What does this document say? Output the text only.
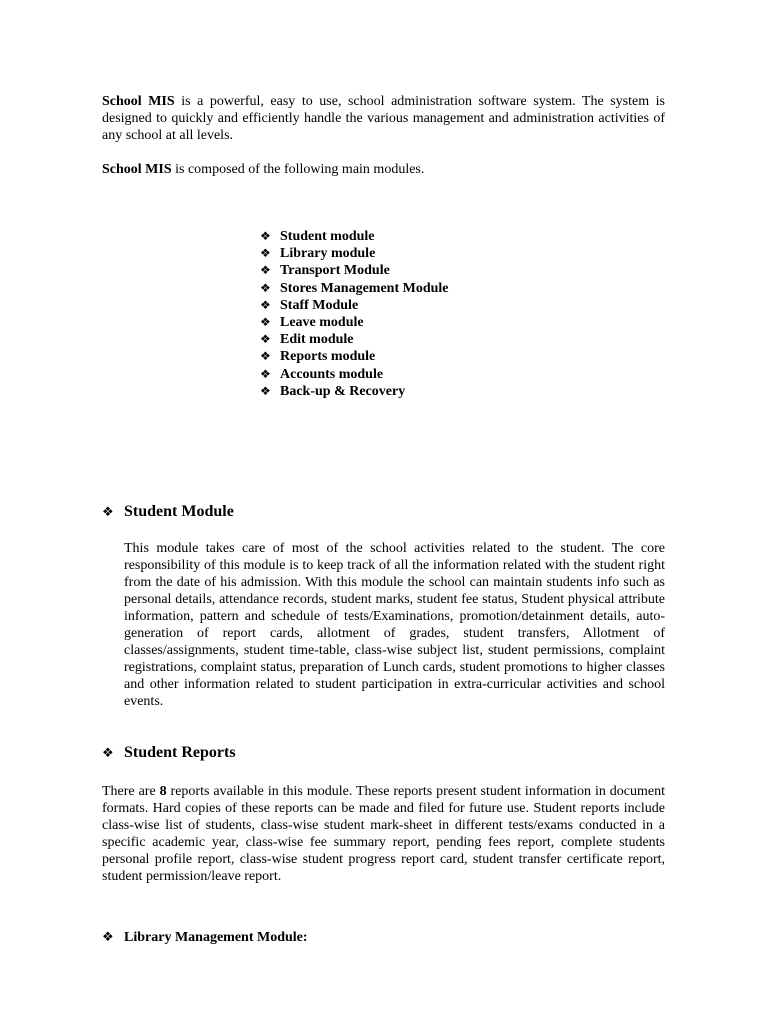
School MIS is a powerful, easy to use, school administration software system. The system is designed to quickly and efficiently handle the various management and administration activities of any school at all levels.

School MIS is composed of the following main modules.

❖ Student module
❖ Library module
❖ Transport Module
❖ Stores Management Module
❖ Staff Module
❖ Leave module
❖ Edit module
❖ Reports module
❖ Accounts module
❖ Back-up & Recovery
❖ Student Module

This module takes care of most of the school activities related to the student. The core responsibility of this module is to keep track of all the information related with the student right from the date of his admission. With this module the school can maintain students info such as personal details, attendance records, student marks, student fee status, Student physical attribute information, pattern and schedule of tests/Examinations, promotion/detainment details, auto-generation of report cards, allotment of grades, student transfers, Allotment of classes/assignments, student time-table, class-wise subject list, student permissions, complaint registrations, complaint status, preparation of Lunch cards, student promotions to higher classes and other information related to student participation in extra-curricular activities and school events.

❖ Student Reports

There are 8 reports available in this module. These reports present student information in document formats. Hard copies of these reports can be made and filed for future use. Student reports include class-wise list of students, class-wise student mark-sheet in different tests/exams conducted in a specific academic year, class-wise fee summary report, pending fees report, complete students personal profile report, class-wise student progress report card, student transfer certificate report, student permission/leave report.

❖ Library Management Module:
